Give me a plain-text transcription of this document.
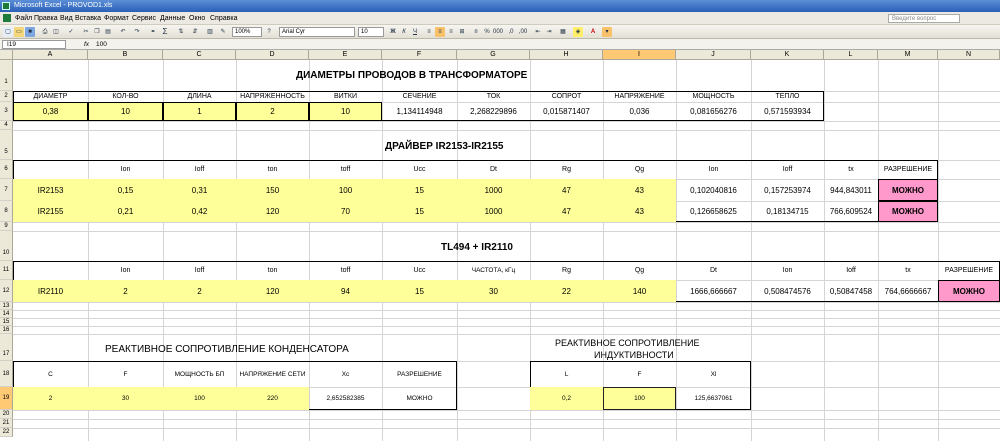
Microsoft Excel - PROVOD1.xls
Файл Правка Вид Вставка Формат Сервис Данные Окно Справка	Введите вопрос
▢ ▭	■	⎙ ◫	✓	✂ ❐ ▤	↶	↷	⚭ Σ	⇅	⇵	▥	✎	100%	?	Arial Cyr	10	Ж	К	Ч	≡	≡	≡	⊞	¤	% 000 ,0 ,00	⇤ ⇥	▦	◈	A	▾
I19	fx 100
A	B	C	D	E	F	G	H	I	J	K	L	M	N
1
2
3
4
5
6
7
8
9
10
11
12
13
14
15
16
17
18
19
20
21
22
ДИАМЕТРЫ ПРОВОДОВ В ТРАНСФОРМАТОРЕ
ДИАМЕТР	КОЛ-ВО	ДЛИНА	НАПРЯЖЕННОСТЬ	ВИТКИ	СЕЧЕНИЕ	ТОК	СОПРОТ	НАПРЯЖЕНИЕ	МОЩНОСТЬ	ТЕПЛО
0,38	10	1	2	10	1,134114948	2,268229896	0,015871407	0,036	0,081656276	0,571593934
ДРАЙВЕР IR2153-IR2155
Ion	Ioff	ton	toff	Ucc	Dt	Rg	Qg	Ion	Ioff	tx	РАЗРЕШЕНИЕ
IR2153	0,15	0,31	150	100	15	1000	47	43	0,102040816	0,157253974	944,843011	МОЖНО
IR2155	0,21	0,42	120	70	15	1000	47	43	0,126658625	0,18134715	766,609524	МОЖНО
TL494 + IR2110
Ion	Ioff	ton	toff	Ucc	ЧАСТОТА, кГц	Rg	Qg	Dt	Ion	Ioff	tx	РАЗРЕШЕНИЕ
IR2110	2	2	120	94	15	30	22	140	1666,666667	0,508474576	0,50847458	764,6666667	МОЖНО
РЕАКТИВНОЕ СОПРОТИВЛЕНИЕ КОНДЕНСАТОРА
C	F	МОЩНОСТЬ БП	НАПРЯЖЕНИЕ СЕТИ	Xc	РАЗРЕШЕНИЕ
2	30	100	220	2,652582385	МОЖНО
РЕАКТИВНОЕ СОПРОТИВЛЕНИЕ
ИНДУКТИВНОСТИ
L	F	Xl
0,2	100	125,6637061
